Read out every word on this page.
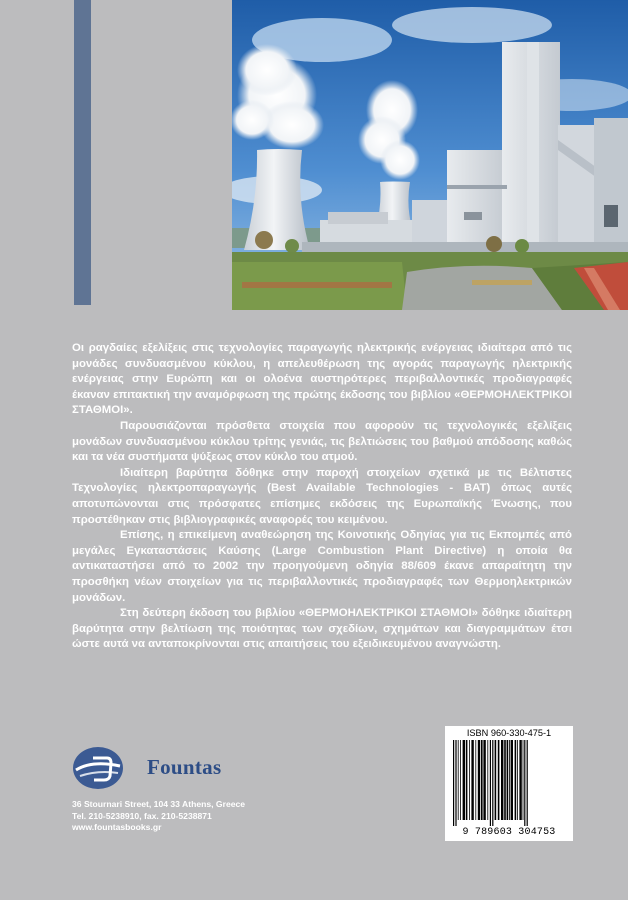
Οι ραγδαίες εξελίξεις στις τεχνολογίες παραγωγής ηλεκτρικής ενέργειας ιδιαίτερα από τις μονάδες συνδυασμένου κύκλου, η απελευθέρωση της αγοράς παραγωγής ηλεκτρικής ενέργειας στην Ευρώπη και οι ολοένα αυστηρότερες περιβαλλοντικές προδιαγραφές έκαναν επιτακτική την αναμόρφωση της πρώτης έκδοσης του βιβλίου «ΘΕΡΜΟΗΛΕΚΤΡΙΚΟΙ ΣΤΑΘΜΟΙ».

Παρουσιάζονται πρόσθετα στοιχεία που αφορούν τις τεχνολογικές εξελίξεις μονάδων συνδυασμένου κύκλου τρίτης γενιάς, τις βελτιώσεις του βαθμού απόδοσης καθώς και τα νέα συστήματα ψύξεως στον κύκλο του ατμού.

Ιδιαίτερη βαρύτητα δόθηκε στην παροχή στοιχείων σχετικά με τις Βέλτιστες Τεχνολογίες ηλεκτροπαραγωγής (Best Available Technologies - BAT) όπως αυτές αποτυπώνονται στις πρόσφατες επίσημες εκδόσεις της Ευρωπαϊκής Ένωσης, που προστέθηκαν στις βιβλιογραφικές αναφορές του κειμένου.

Επίσης, η επικείμενη αναθεώρηση της Κοινοτικής Οδηγίας για τις Εκπομπές από μεγάλες Εγκαταστάσεις Καύσης (Large Combustion Plant Directive) η οποία θα αντικαταστήσει από το 2002 την προηγούμενη οδηγία 88/609 έκανε απαραίτητη την προσθήκη νέων στοιχείων για τις περιβαλλοντικές προδιαγραφές των Θερμοηλεκτρικών μονάδων.

Στη δεύτερη έκδοση του βιβλίου «ΘΕΡΜΟΗΛΕΚΤΡΙΚΟΙ ΣΤΑΘΜΟΙ» δόθηκε ιδιαίτερη βαρύτητα στην βελτίωση της ποιότητας των σχεδίων, σχημάτων και διαγραμμάτων έτσι ώστε αυτά να ανταποκρίνονται στις απαιτήσεις του εξειδικευμένου αναγνώστη.

Fountas
36 Stournari Street, 104 33 Athens, Greece
Tel. 210-5238910, fax. 210-5238871
www.fountasbooks.gr
ISBN 960-330-475-1
9 789603 304753
